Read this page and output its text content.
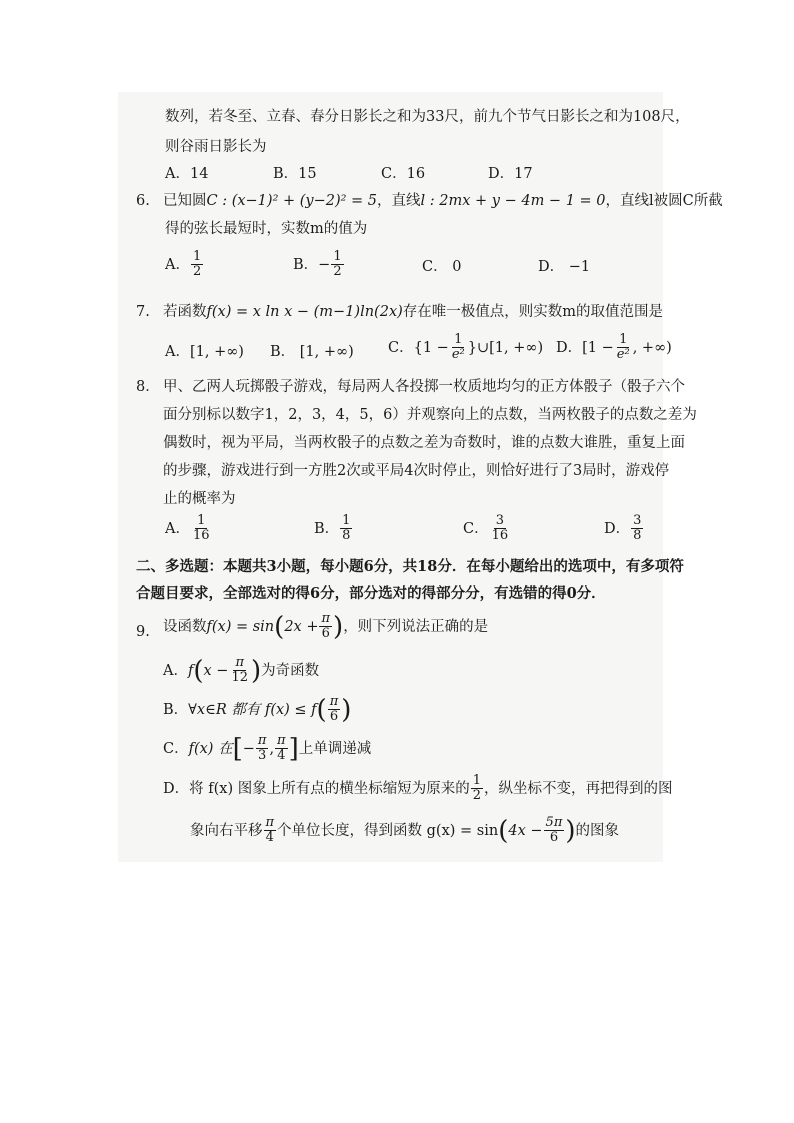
数列，若冬至、立春、春分日影长之和为33尺，前九个节气日影长之和为108尺，
则谷雨日影长为
A．14	B．15	C．16	D．17
6. 已知圆C : (x−1)² + (y−2)² = 5，直线l : 2mx + y − 4m − 1 = 0，直线l被圆C所截
得的弦长最短时，实数m的值为
A． $\frac{1}{2}$	B．− $\frac{1}{2}$	C． 0	D． −1
7. 若函数f(x) = x ln x − (m−1)ln(2x)存在唯一极值点，则实数m的取值范围是
A．[1, +∞) B． [1, +∞) C．{$1 - \frac{1}{\text{e²}}$ }∪[1, +∞) D．[$1 - \frac{1}{\text{e²}}$ , +∞)
8． 甲、乙两人玩掷骰子游戏，每局两人各投掷一枚质地均匀的正方体骰子（骰子六个
面分别标以数字1，2，3，4，5，6）并观察向上的点数，当两枚骰子的点数之差为
偶数时，视为平局，当两枚骰子的点数之差为奇数时，谁的点数大谁胜，重复上面
的步骤，游戏进行到一方胜2次或平局4次时停止，则恰好进行了3局时，游戏停
止的概率为
A． $\frac{1}{16}$	B． $\frac{1}{8}$	C． $\frac{3}{16}$	D． $\frac{3}{8}$
二、多选题：本题共3小题，每小题6分，共18分．在每小题给出的选项中，有多项符
合题目要求，全部选对的得6分，部分选对的得部分分，有选错的得0分．
9. 设函数$f(x) = \sin(2x + \frac{\pi}{6}$ )，则下列说法正确的是
A．$f(x - \frac{\pi}{12}$ )为奇函数
B．∀x∈R 都有 $f(x) \le f( \frac{\pi}{6}$ )
C．f(x) 在[− $\frac{\pi}{3}$ , $\frac{\pi}{4}$ ]上单调递减
D．将 f(x) 图象上所有点的横坐标缩短为原来的 $\frac{1}{2}$ ，纵坐标不变，再把得到的图
象向右平移 $\frac{\pi}{4}$ 个单位长度，得到函数 $g(x) = \sin(4x - \frac{5\pi}{6}$ )的图象
